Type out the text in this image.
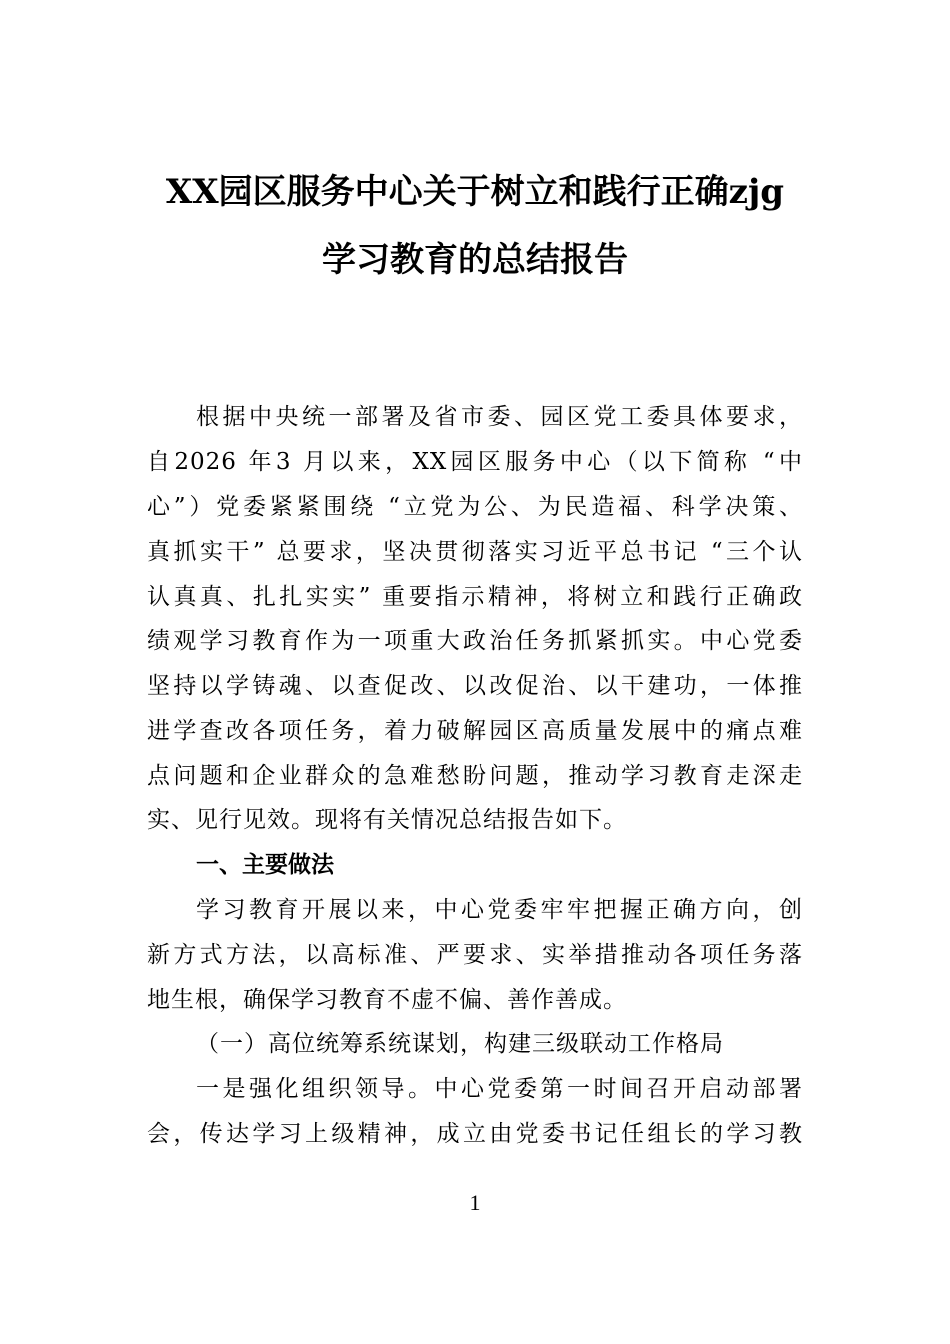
XX园区服务中心关于树立和践行正确zjg
学习教育的总结报告
根据中央统一部署及省市委、园区党工委具体要求，
自2026 年3 月以来，XX园区服务中心（以下简称 “中
心”）党委紧紧围绕 “立党为公、为民造福、科学决策、
真抓实干” 总要求，坚决贯彻落实习近平总书记 “三个认
认真真、扎扎实实” 重要指示精神，将树立和践行正确政
绩观学习教育作为一项重大政治任务抓紧抓实。中心党委
坚持以学铸魂、以查促改、以改促治、以干建功，一体推
进学查改各项任务，着力破解园区高质量发展中的痛点难
点问题和企业群众的急难愁盼问题，推动学习教育走深走
实、见行见效。现将有关情况总结报告如下。
一、主要做法
学习教育开展以来，中心党委牢牢把握正确方向，创
新方式方法，以高标准、严要求、实举措推动各项任务落
地生根，确保学习教育不虚不偏、善作善成。
（一）高位统筹系统谋划，构建三级联动工作格局
一是强化组织领导。中心党委第一时间召开启动部署
会，传达学习上级精神，成立由党委书记任组长的学习教
1
